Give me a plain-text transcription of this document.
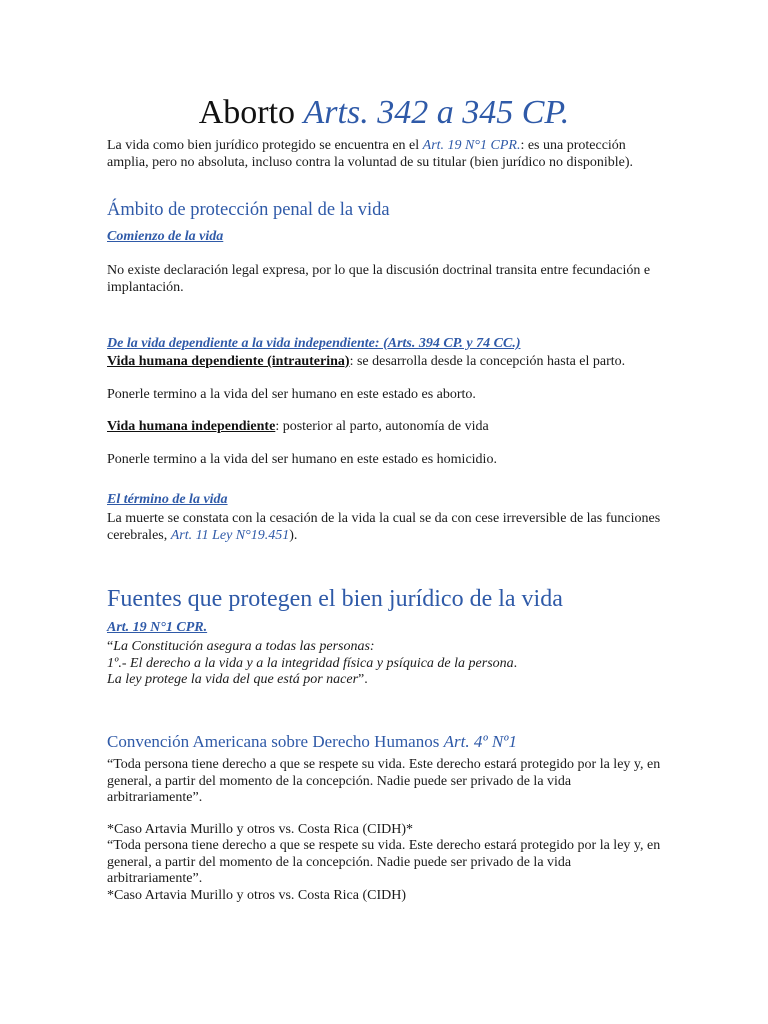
Aborto Arts. 342 a 345 CP.

La vida como bien jurídico protegido se encuentra en el Art. 19 N°1 CPR.: es una protección amplia, pero no absoluta, incluso contra la voluntad de su titular (bien jurídico no disponible).

Ámbito de protección penal de la vida
Comienzo de la vida

No existe declaración legal expresa, por lo que la discusión doctrinal transita entre fecundación e implantación.

De la vida dependiente a la vida independiente: (Arts. 394 CP. y 74 CC.)

Vida humana dependiente (intrauterina): se desarrolla desde la concepción hasta el parto.

Ponerle termino a la vida del ser humano en este estado es aborto.

Vida humana independiente: posterior al parto, autonomía de vida

Ponerle termino a la vida del ser humano en este estado es homicidio.

El término de la vida

La muerte se constata con la cesación de la vida la cual se da con cese irreversible de las funciones cerebrales, Art. 11 Ley N°19.451).

Fuentes que protegen el bien jurídico de la vida
Art. 19 N°1 CPR.

“La Constitución asegura a todas las personas:
1º.- El derecho a la vida y a la integridad física y psíquica de la persona.
La ley protege la vida del que está por nacer”.

Convención Americana sobre Derecho Humanos Art. 4º Nº1

“Toda persona tiene derecho a que se respete su vida. Este derecho estará protegido por la ley y, en general, a partir del momento de la concepción. Nadie puede ser privado de la vida arbitrariamente”.

*Caso Artavia Murillo y otros vs. Costa Rica (CIDH)*

“Toda persona tiene derecho a que se respete su vida. Este derecho estará protegido por la ley y, en general, a partir del momento de la concepción. Nadie puede ser privado de la vida arbitrariamente”.

*Caso Artavia Murillo y otros vs. Costa Rica (CIDH)
